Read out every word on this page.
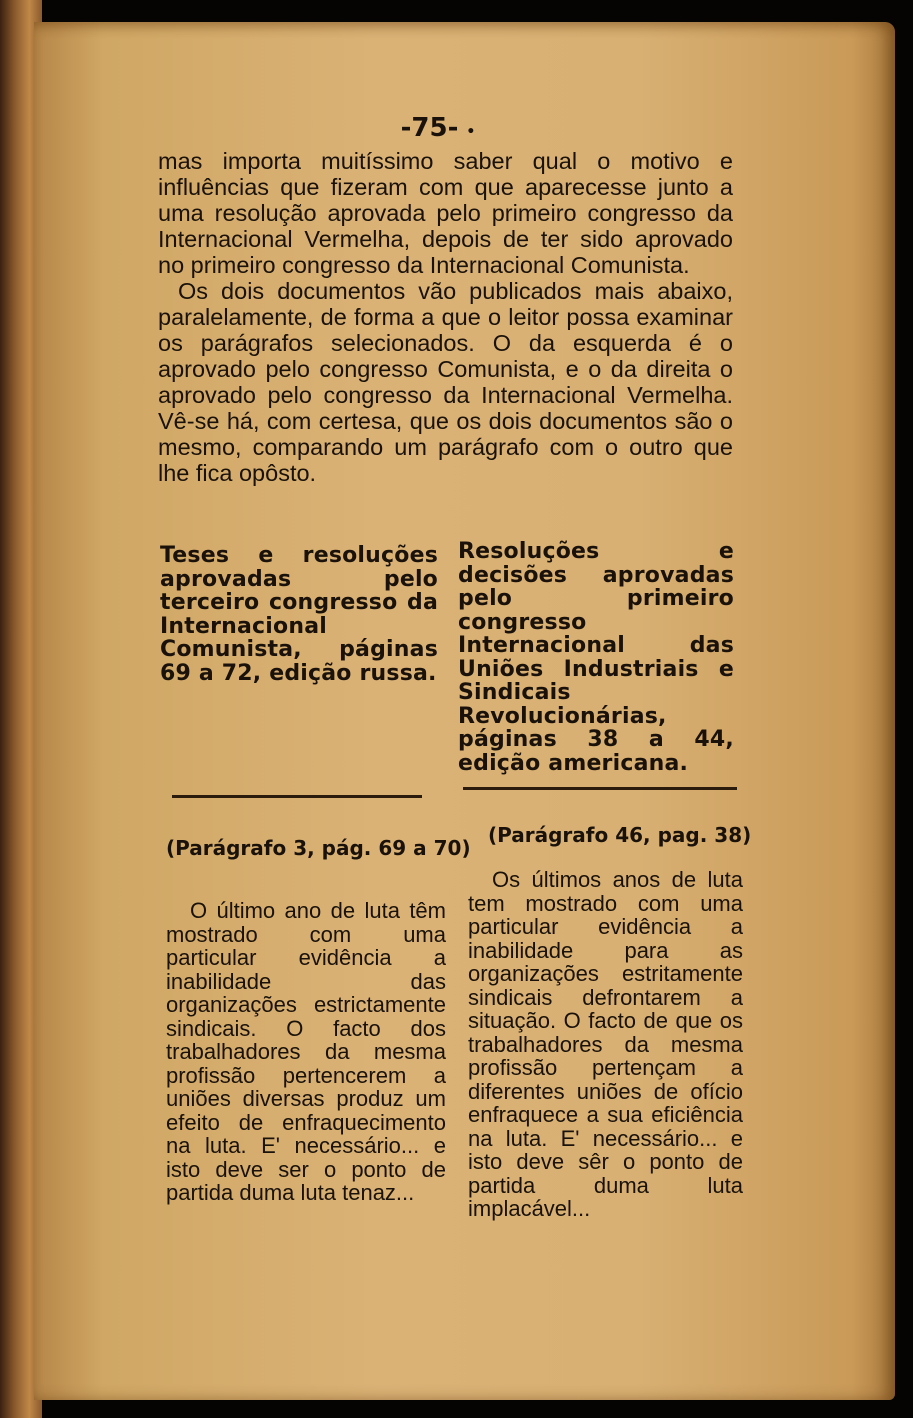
-75- •

mas importa muitíssimo saber qual o motivo e influências que fizeram com que aparecesse junto a uma resolução aprovada pelo primeiro congresso da Internacional Vermelha, depois de ter sido aprovado no primeiro congresso da Internacional Comunista.

Os dois documentos vão publicados mais abaixo, paralelamente, de forma a que o leitor possa examinar os parágrafos selecionados. O da esquerda é o aprovado pelo congresso Comunista, e o da direita o aprovado pelo congresso da Internacional Vermelha. Vê-se há, com certesa, que os dois documentos são o mesmo, comparando um parágrafo com o outro que lhe fica opôsto.

Teses e resoluções aprovadas pelo terceiro congresso da Internacional Comunista, páginas 69 a 72, edição russa.
Resoluções e decisões aprovadas pelo primeiro congresso Internacional das Uniões Industriais e Sindicais Revolucionárias, páginas 38 a 44, edição americana.
(Parágrafo 3, pág. 69 a 70)
(Parágrafo 46, pag. 38)

O último ano de luta têm mostrado com uma particular evidência a inabilidade das organizações estrictamente sindicais. O facto dos trabalhadores da mesma profissão pertencerem a uniões diversas produz um efeito de enfraquecimento na luta. E' necessário... e isto deve ser o ponto de partida duma luta tenaz...

Os últimos anos de luta tem mostrado com uma particular evidência a inabilidade para as organizações estritamente sindicais defrontarem a situação. O facto de que os trabalhadores da mesma profissão pertençam a diferentes uniões de ofício enfraquece a sua eficiência na luta. E' necessário... e isto deve sêr o ponto de partida duma luta implacável...
